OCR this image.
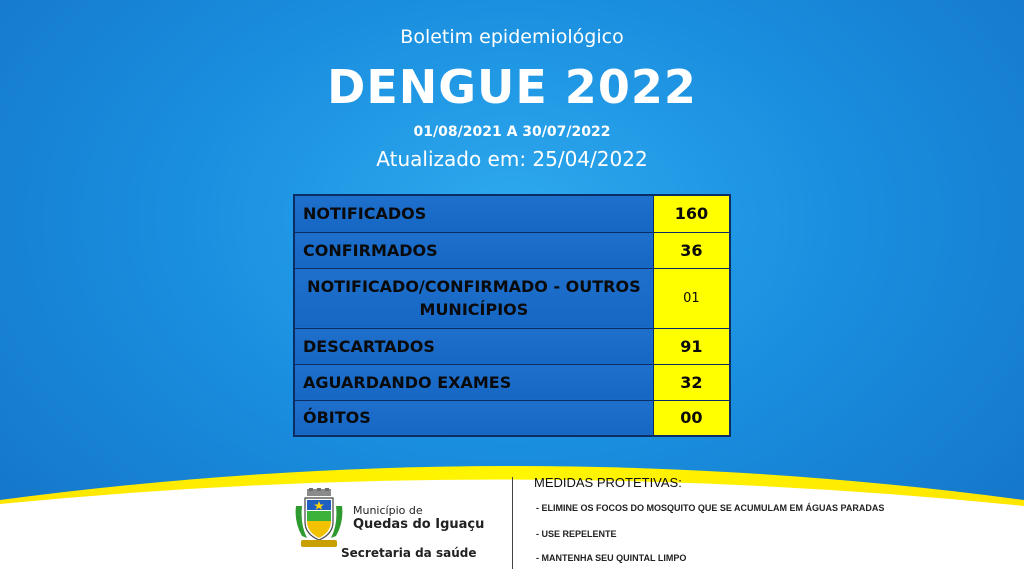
Boletim epidemiológico
DENGUE 2022
01/08/2021 A 30/07/2022
Atualizado em: 25/04/2022
NOTIFICADOS	160
CONFIRMADOS	36
NOTIFICADO/CONFIRMADO - OUTROS MUNICÍPIOS	01
DESCARTADOS	91
AGUARDANDO EXAMES	32
ÓBITOS	00
Município de
Quedas do Iguaçu
Secretaria da saúde
MEDIDAS PROTETIVAS:
- ELIMINE OS FOCOS DO MOSQUITO QUE SE ACUMULAM EM ÁGUAS PARADAS
- USE REPELENTE
- MANTENHA SEU QUINTAL LIMPO
